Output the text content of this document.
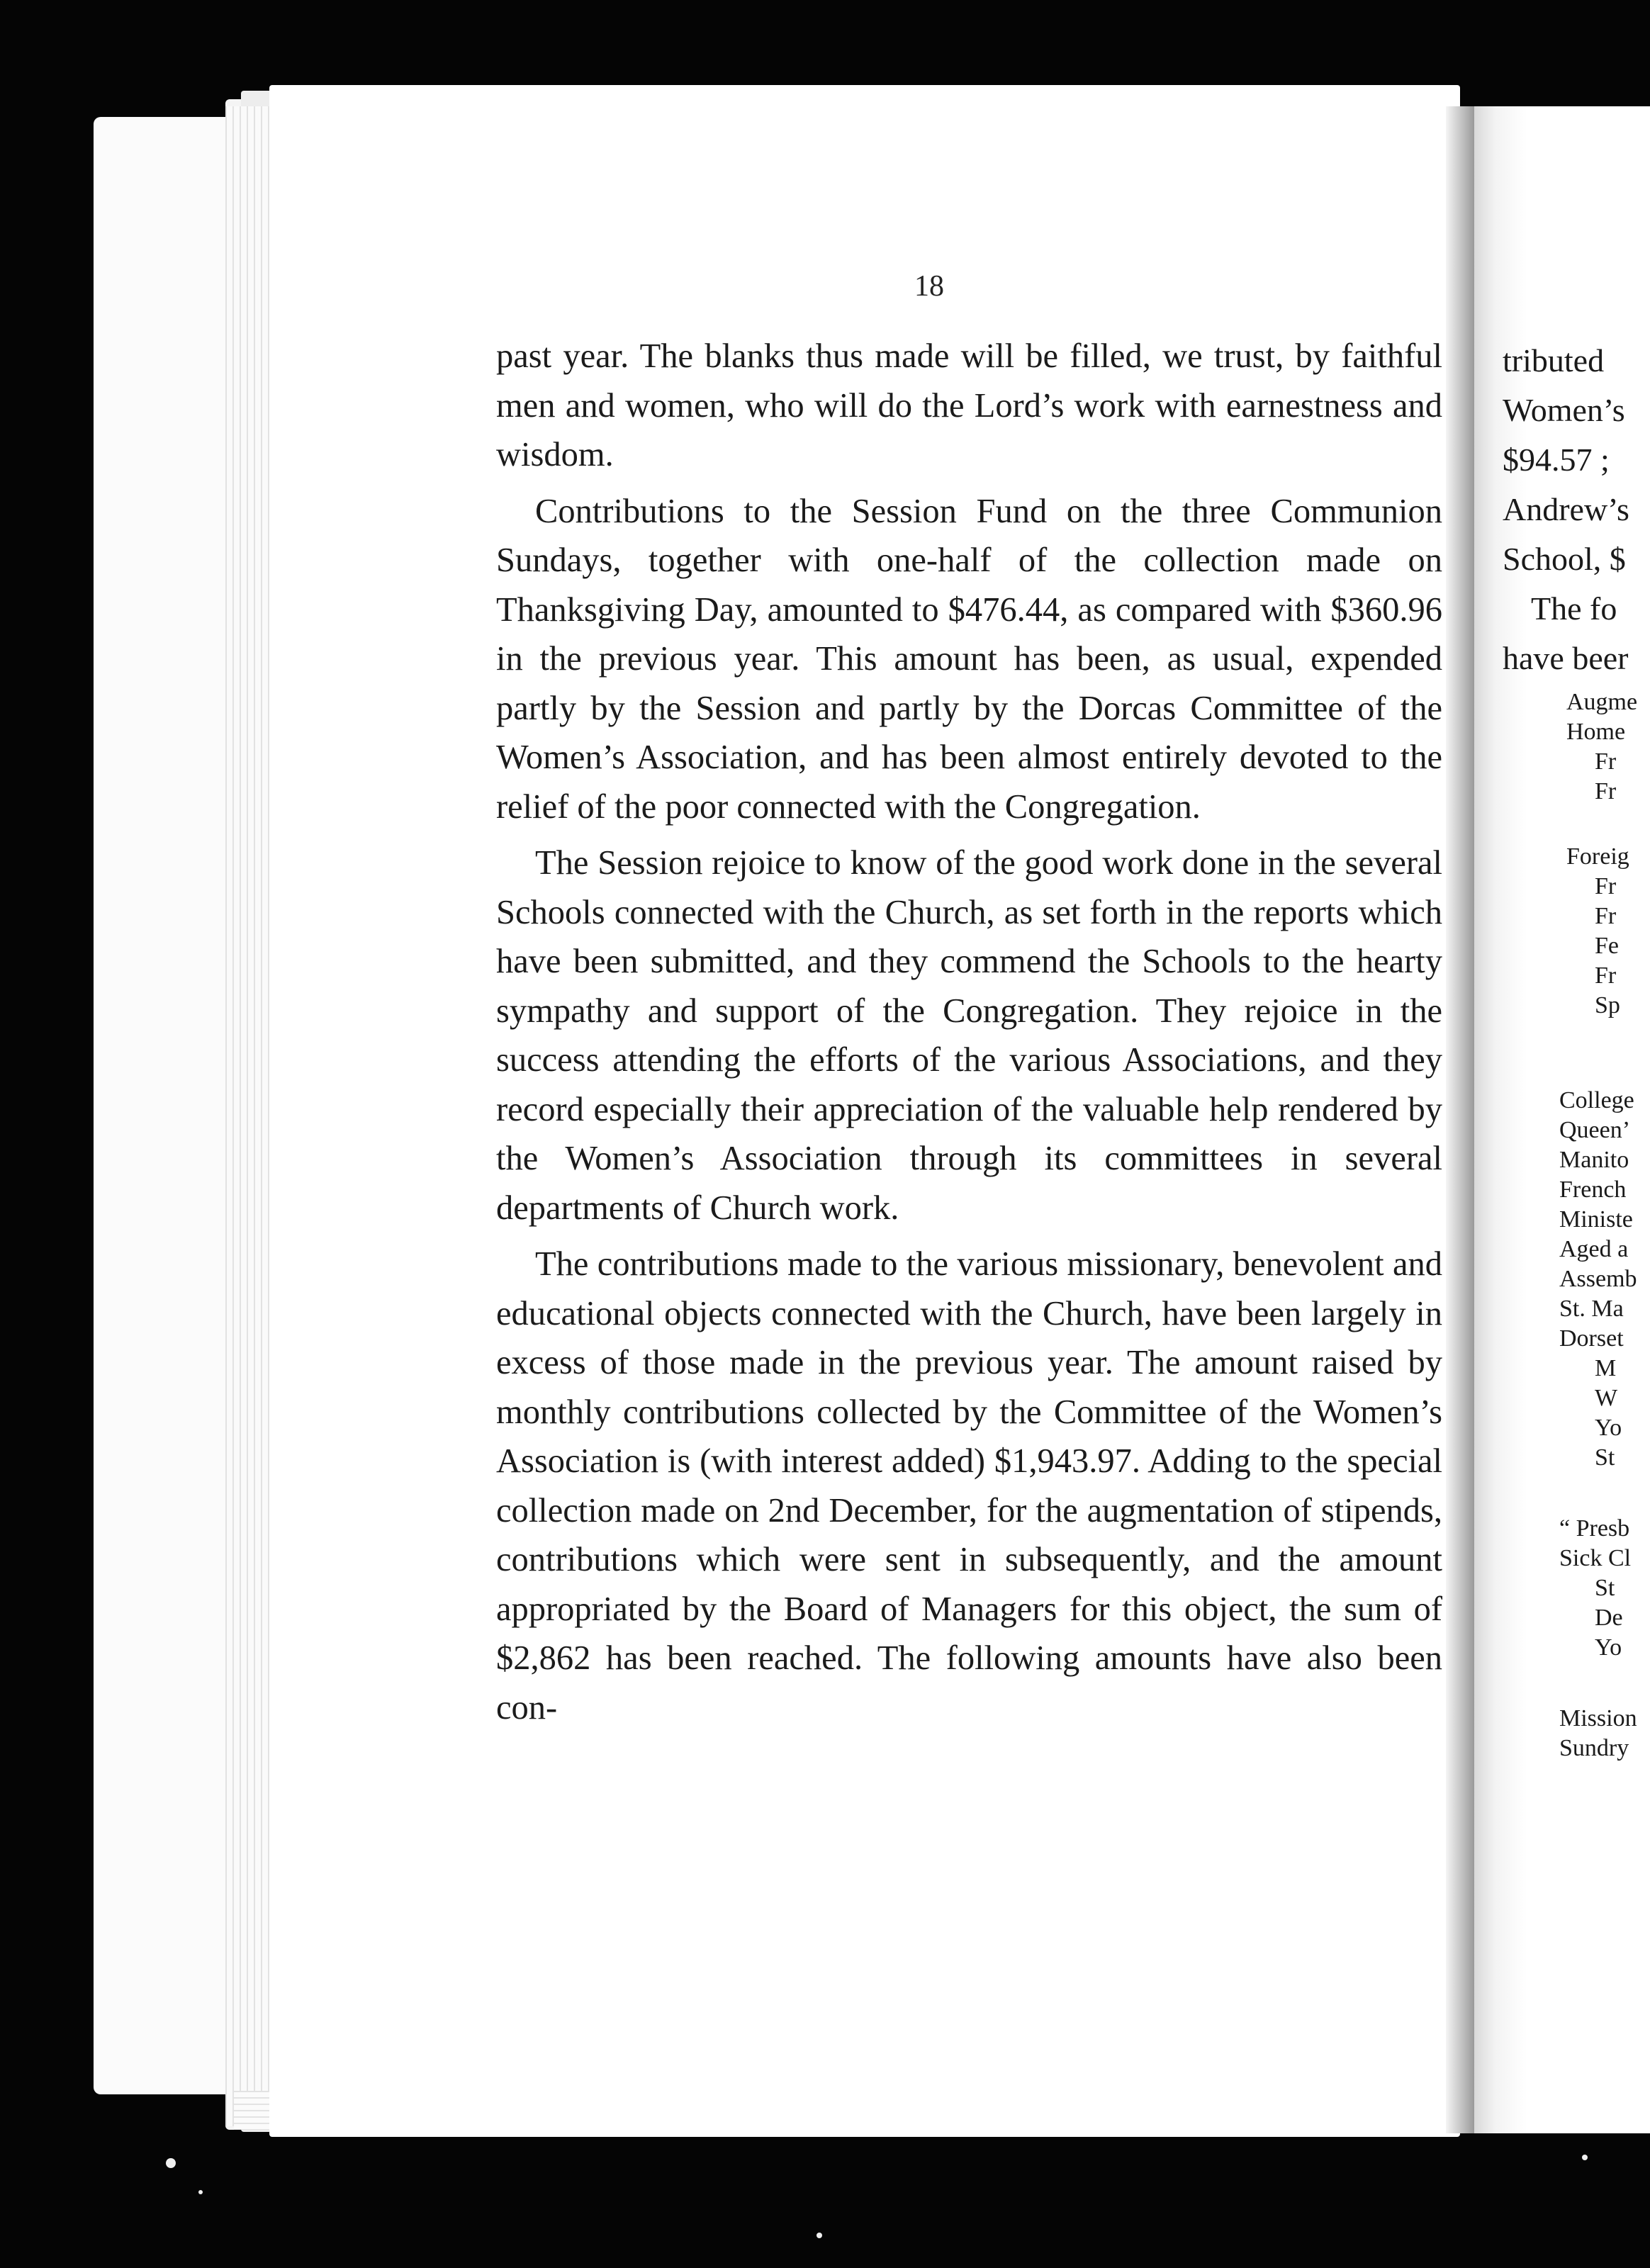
18

past year. The blanks thus made will be filled, we trust, by faithful men and women, who will do the Lord’s work with earnestness and wisdom.

Contributions to the Session Fund on the three Communion Sundays, together with one-half of the collection made on Thanksgiving Day, amounted to $476.44, as compared with $360.96 in the previous year. This amount has been, as usual, expended partly by the Session and partly by the Dorcas Committee of the Women’s Association, and has been almost entirely devoted to the relief of the poor connected with the Congregation.

The Session rejoice to know of the good work done in the several Schools connected with the Church, as set forth in the reports which have been submitted, and they commend the Schools to the hearty sympathy and support of the Congregation. They rejoice in the success attending the efforts of the various Associations, and they record especially their appreciation of the valuable help rendered by the Women’s Association through its committees in several departments of Church work.

The contributions made to the various missionary, benevolent and educational objects connected with the Church, have been largely in excess of those made in the previous year. The amount raised by monthly contributions collected by the Committee of the Women’s Association is (with interest added) $1,943.97. Adding to the special collection made on 2nd December, for the augmentation of stipends, contributions which were sent in subsequently, and the amount appropriated by the Board of Managers for this object, the sum of $2,862 has been reached. The following amounts have also been con-

tributed
Women’s
$94.57 ;
Andrew’s
School, $
The fo
have beer
Augme
Home
Fr
Fr
Foreig
Fr
Fr
Fe
Fr
Sp
College
Queen’
Manito
French
Ministe
Aged a
Assemb
St. Ma
Dorset
M
W
Yo
St
“ Presb
Sick Cl
St
De
Yo
Mission
Sundry
